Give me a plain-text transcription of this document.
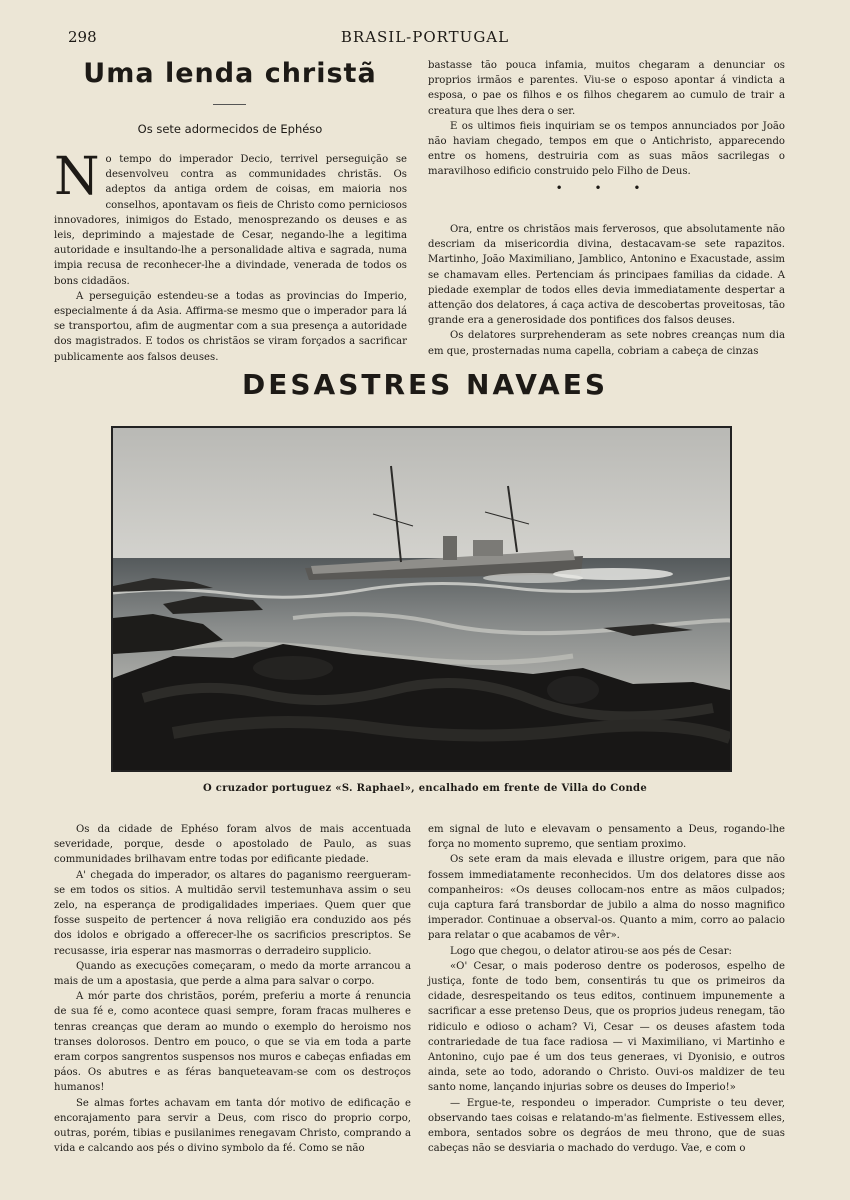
298	BRASIL-PORTUGAL
Uma lenda christã
Os sete adormecidos de Ephéso

No tempo do imperador Decio, terrivel perseguição se desenvolveu contra as communidades christãs. Os adeptos da antiga ordem de coisas, em maioria nos conselhos, apontavam os fieis de Christo como perniciosos innovadores, inimigos do Estado, menosprezando os deuses e as leis, deprimindo a majestade de Cesar, negando-lhe a legitima autoridade e insultando-lhe a personalidade altiva e sagrada, numa impia recusa de reconhecer-lhe a divindade, venerada de todos os bons cidadãos.

A perseguição estendeu-se a todas as provincias do Imperio, especialmente á da Asia. Affirma-se mesmo que o imperador para lá se transportou, afim de augmentar com a sua presença a autoridade dos magistrados. E todos os christãos se viram forçados a sacrificar publicamente aos falsos deuses.

bastasse tão pouca infamia, muitos chegaram a denunciar os proprios irmãos e parentes. Viu-se o esposo apontar á vindicta a esposa, o pae os filhos e os filhos chegarem ao cumulo de trair a creatura que lhes dera o ser.

E os ultimos fieis inquiriam se os tempos annunciados por João não haviam chegado, tempos em que o Antichristo, apparecendo entre os homens, destruiria com as suas mãos sacrilegas o maravilhoso edificio construido pelo Filho de Deus.

• • •

Ora, entre os christãos mais ferverosos, que absolutamente não descriam da misericordia divina, destacavam-se sete rapazitos. Martinho, João Maximiliano, Jamblico, Antonino e Exacustade, assim se chamavam elles. Pertenciam ás principaes familias da cidade. A piedade exemplar de todos elles devia immediatamente despertar a attenção dos delatores, á caça activa de descobertas proveitosas, tão grande era a generosidade dos pontifices dos falsos deuses.

Os delatores surprehenderam as sete nobres creanças num dia em que, prosternadas numa capella, cobriam a cabeça de cinzas

DESASTRES NAVAES
O cruzador portuguez «S. Raphael», encalhado em frente de Villa do Conde

Os da cidade de Ephéso foram alvos de mais accentuada severidade, porque, desde o apostolado de Paulo, as suas communidades brilhavam entre todas por edificante piedade.

A' chegada do imperador, os altares do paganismo reergueram-se em todos os sitios. A multidão servil testemunhava assim o seu zelo, na esperança de prodigalidades imperiaes. Quem quer que fosse suspeito de pertencer á nova religião era conduzido aos pés dos idolos e obrigado a offerecer-lhe os sacrificios prescriptos. Se recusasse, iria esperar nas masmorras o derradeiro supplicio.

Quando as execuções começaram, o medo da morte arrancou a mais de um a apostasia, que perde a alma para salvar o corpo.

A mór parte dos christãos, porém, preferiu a morte á renuncia de sua fé e, como acontece quasi sempre, foram fracas mulheres e tenras creanças que deram ao mundo o exemplo do heroismo nos transes dolorosos. Dentro em pouco, o que se via em toda a parte eram corpos sangrentos suspensos nos muros e cabeças enfiadas em páos. Os abutres e as féras banqueteavam-se com os destroços humanos!

Se almas fortes achavam em tanta dór motivo de edificação e encorajamento para servir a Deus, com risco do proprio corpo, outras, porém, tibias e pusilanimes renegavam Christo, comprando a vida e calcando aos pés o divino symbolo da fé. Como se não

em signal de luto e elevavam o pensamento a Deus, rogando-lhe força no momento supremo, que sentiam proximo.

Os sete eram da mais elevada e illustre origem, para que não fossem immediatamente reconhecidos. Um dos delatores disse aos companheiros: «Os deuses collocam-nos entre as mãos culpados; cuja captura fará transbordar de jubilo a alma do nosso magnifico imperador. Continuae a observal-os. Quanto a mim, corro ao palacio para relatar o que acabamos de vêr».

Logo que chegou, o delator atirou-se aos pés de Cesar:

«O' Cesar, o mais poderoso dentre os poderosos, espelho de justiça, fonte de todo bem, consentirás tu que os primeiros da cidade, desrespeitando os teus editos, continuem impunemente a sacrificar a esse pretenso Deus, que os proprios judeus renegam, tão ridiculo e odioso o acham? Vi, Cesar — os deuses afastem toda contrariedade de tua face radiosa — vi Maximiliano, vi Martinho e Antonino, cujo pae é um dos teus generaes, vi Dyonisio, e outros ainda, sete ao todo, adorando o Christo. Ouvi-os maldizer de teu santo nome, lançando injurias sobre os deuses do Imperio!»

— Ergue-te, respondeu o imperador. Cumpriste o teu dever, observando taes coisas e relatando-m'as fielmente. Estivessem elles, embora, sentados sobre os degráos de meu throno, que de suas cabeças não se desviaria o machado do verdugo. Vae, e com o
